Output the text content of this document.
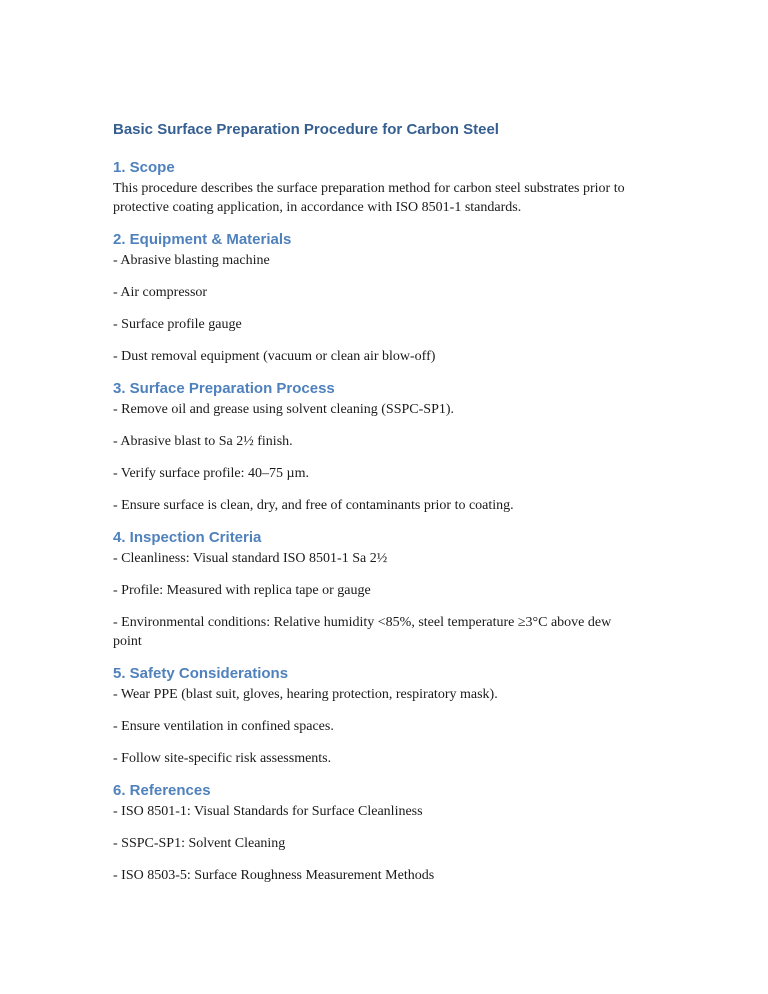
Basic Surface Preparation Procedure for Carbon Steel
1. Scope

This procedure describes the surface preparation method for carbon steel substrates prior to protective coating application, in accordance with ISO 8501-1 standards.

2. Equipment & Materials

- Abrasive blasting machine

- Air compressor

- Surface profile gauge

- Dust removal equipment (vacuum or clean air blow-off)

3. Surface Preparation Process

- Remove oil and grease using solvent cleaning (SSPC-SP1).

- Abrasive blast to Sa 2½ finish.

- Verify surface profile: 40–75 µm.

- Ensure surface is clean, dry, and free of contaminants prior to coating.

4. Inspection Criteria

- Cleanliness: Visual standard ISO 8501-1 Sa 2½

- Profile: Measured with replica tape or gauge

- Environmental conditions: Relative humidity <85%, steel temperature ≥3°C above dew point

5. Safety Considerations

- Wear PPE (blast suit, gloves, hearing protection, respiratory mask).

- Ensure ventilation in confined spaces.

- Follow site-specific risk assessments.

6. References

- ISO 8501-1: Visual Standards for Surface Cleanliness

- SSPC-SP1: Solvent Cleaning

- ISO 8503-5: Surface Roughness Measurement Methods
